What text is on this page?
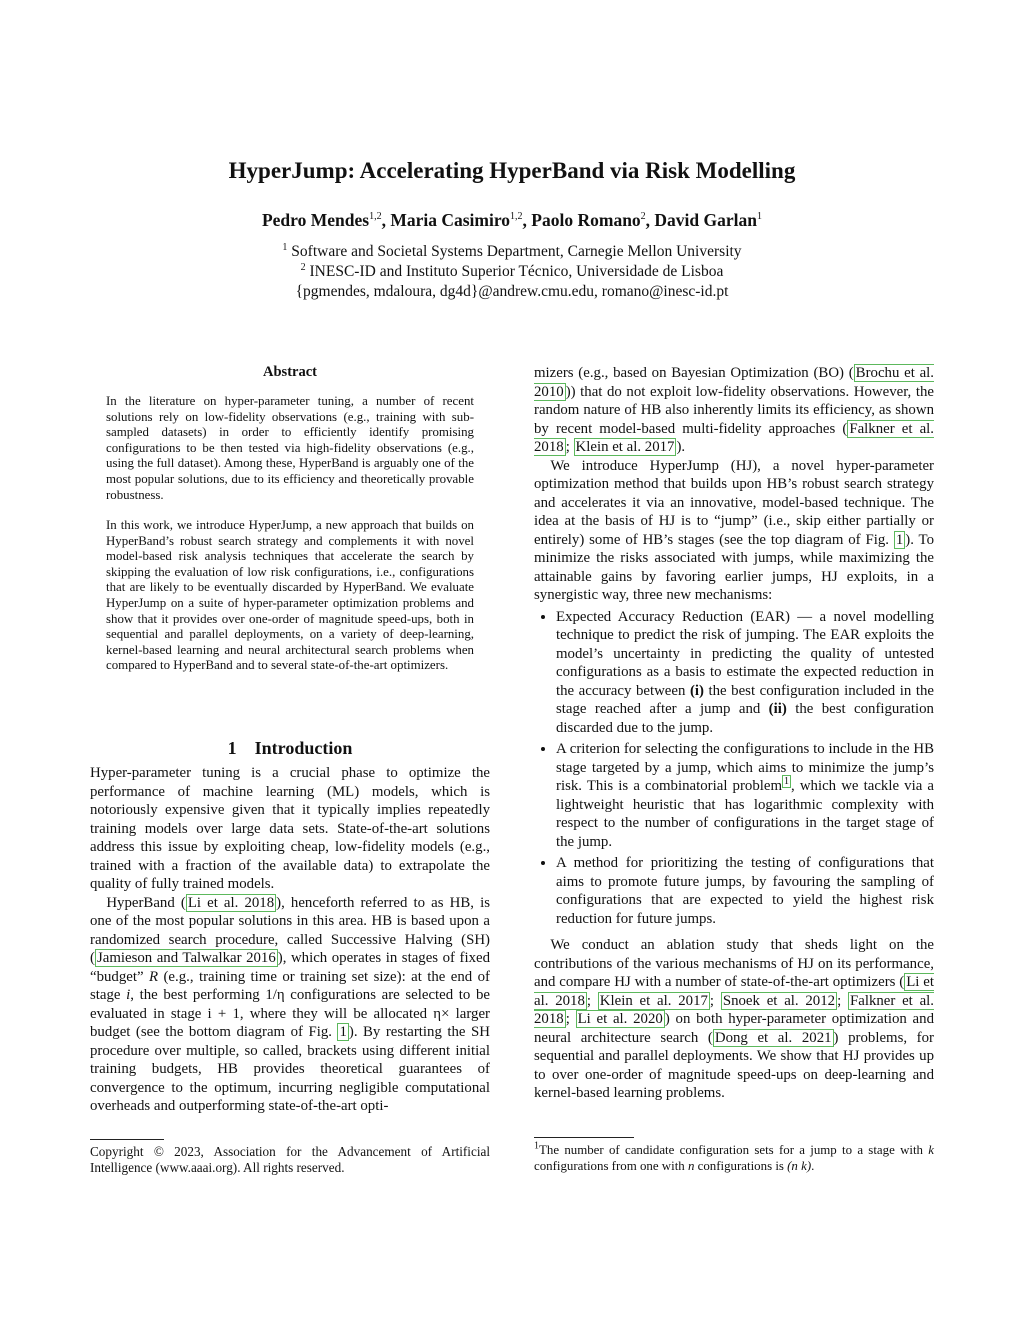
HyperJump: Accelerating HyperBand via Risk Modelling
Pedro Mendes$^{1,2}$, Maria Casimiro$^{1,2}$, Paolo Romano$^2$, David Garlan$^1$
$^1$ Software and Societal Systems Department, Carnegie Mellon University
$^2$ INESC-ID and Instituto Superior Técnico, Universidade de Lisboa
{pgmendes, mdaloura, dg4d}@andrew.cmu.edu, romano@inesc-id.pt
Abstract
In the literature on hyper-parameter tuning, a number of recent solutions rely on low-fidelity observations (e.g., training with sub-sampled datasets) in order to efficiently identify promising configurations to be then tested via high-fidelity observations (e.g., using the full dataset). Among these, HyperBand is arguably one of the most popular solutions, due to its efficiency and theoretically provable robustness.
In this work, we introduce HyperJump, a new approach that builds on HyperBand’s robust search strategy and complements it with novel model-based risk analysis techniques that accelerate the search by skipping the evaluation of low risk configurations, i.e., configurations that are likely to be eventually discarded by HyperBand. We evaluate HyperJump on a suite of hyper-parameter optimization problems and show that it provides over one-order of magnitude speed-ups, both in sequential and parallel deployments, on a variety of deep-learning, kernel-based learning and neural architectural search problems when compared to HyperBand and to several state-of-the-art optimizers.
1 Introduction

Hyper-parameter tuning is a crucial phase to optimize the performance of machine learning (ML) models, which is notoriously expensive given that it typically implies repeatedly training models over large data sets. State-of-the-art solutions address this issue by exploiting cheap, low-fidelity models (e.g., trained with a fraction of the available data) to extrapolate the quality of fully trained models.

HyperBand ( Li et al. 2018 ), henceforth referred to as HB, is one of the most popular solutions in this area. HB is based upon a randomized search procedure, called Successive Halving (SH) ( Jamieson and Talwalkar 2016 ), which operates in stages of fixed “budget” R (e.g., training time or training set size): at the end of stage i, the best performing 1/η configurations are selected to be evaluated in stage i + 1, where they will be allocated η× larger budget (see the bottom diagram of Fig. 1 ). By restarting the SH procedure over multiple, so called, brackets using different initial training budgets, HB provides theoretical guarantees of convergence to the optimum, incurring negligible computational overheads and outperforming state-of-the-art opti-

Copyright © 2023, Association for the Advancement of Artificial Intelligence (www.aaai.org). All rights reserved.

mizers (e.g., based on Bayesian Optimization (BO) ( Brochu et al. 2010 )) that do not exploit low-fidelity observations. However, the random nature of HB also inherently limits its efficiency, as shown by recent model-based multi-fidelity approaches ( Falkner et al. 2018 ; Klein et al. 2017 ).

We introduce HyperJump (HJ), a novel hyper-parameter optimization method that builds upon HB’s robust search strategy and accelerates it via an innovative, model-based technique. The idea at the basis of HJ is to “jump” (i.e., skip either partially or entirely) some of HB’s stages (see the top diagram of Fig. 1 ). To minimize the risks associated with jumps, while maximizing the attainable gains by favoring earlier jumps, HJ exploits, in a synergistic way, three new mechanisms:

• Expected Accuracy Reduction (EAR) — a novel modelling technique to predict the risk of jumping. The EAR exploits the model’s uncertainty in predicting the quality of untested configurations as a basis to estimate the expected reduction in the accuracy between (i) the best configuration included in the stage reached after a jump and (ii) the best configuration discarded due to the jump.
• A criterion for selecting the configurations to include in the HB stage targeted by a jump, which aims to minimize the jump’s risk. This is a combinatorial problem $^1$ , which we tackle via a lightweight heuristic that has logarithmic complexity with respect to the number of configurations in the target stage of the jump.
• A method for prioritizing the testing of configurations that aims to promote future jumps, by favouring the sampling of configurations that are expected to yield the highest risk reduction for future jumps.

We conduct an ablation study that sheds light on the contributions of the various mechanisms of HJ on its performance, and compare HJ with a number of state-of-the-art optimizers ( Li et al. 2018 ; Klein et al. 2017 ; Snoek et al. 2012 ; Falkner et al. 2018 ; Li et al. 2020 ) on both hyper-parameter optimization and neural architecture search ( Dong et al. 2021 ) problems, for sequential and parallel deployments. We show that HJ provides up to over one-order of magnitude speed-ups on deep-learning and kernel-based learning problems.

$^1$The number of candidate configuration sets for a jump to a stage with k configurations from one with n configurations is (n k).
